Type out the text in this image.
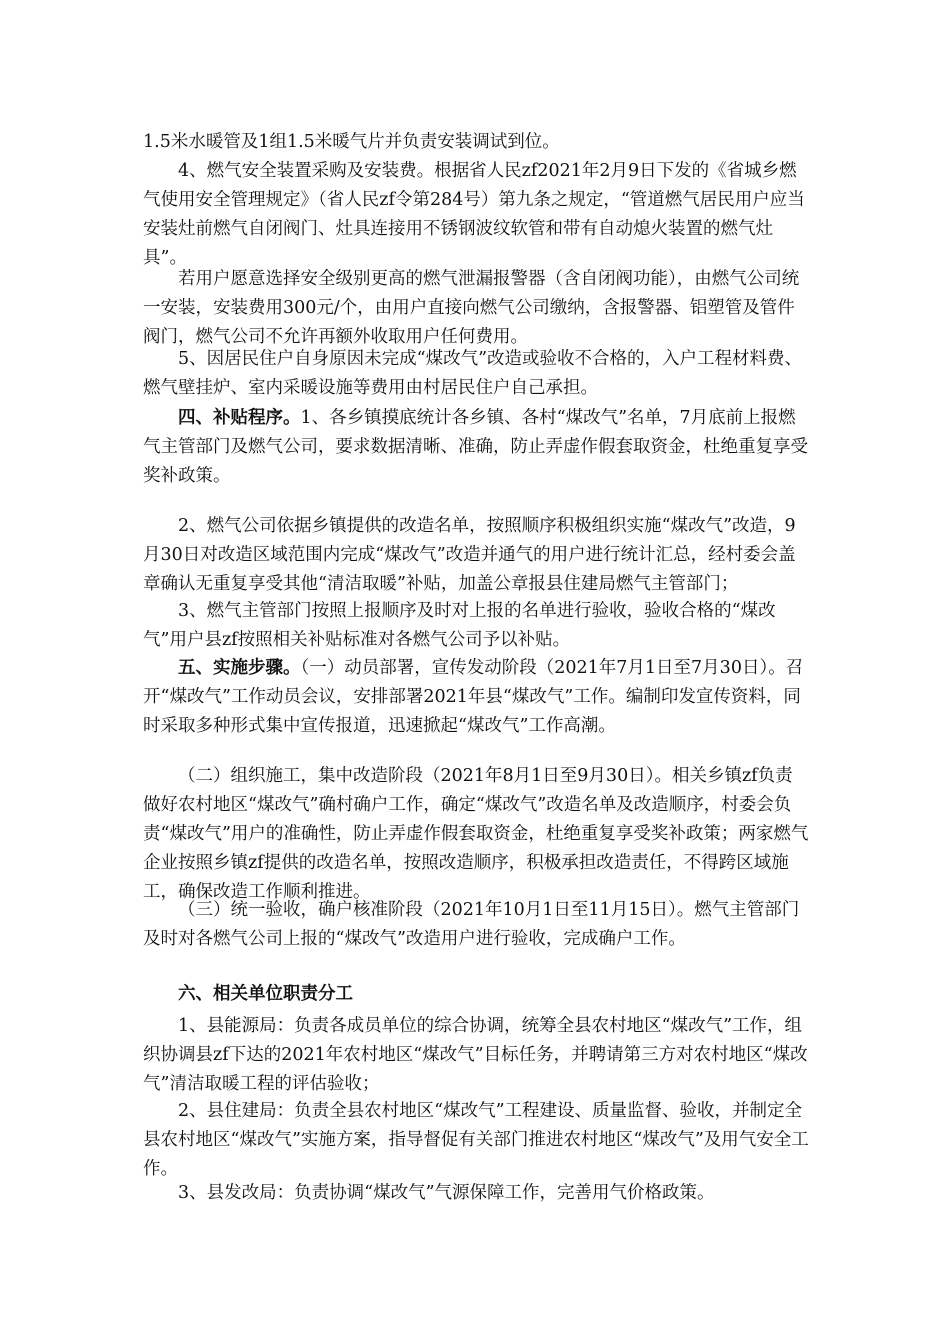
1.5米水暖管及1组1.5米暖气片并负责安装调试到位。

4、燃气安全装置采购及安装费。根据省人民zf2021年2月9日下发的《省城乡燃气使用安全管理规定》（省人民zf令第284号）第九条之规定，“管道燃气居民用户应当安装灶前燃气自闭阀门、灶具连接用不锈钢波纹软管和带有自动熄火装置的燃气灶具”。

若用户愿意选择安全级别更高的燃气泄漏报警器（含自闭阀功能），由燃气公司统一安装，安装费用300元/个，由用户直接向燃气公司缴纳，含报警器、铝塑管及管件阀门，燃气公司不允许再额外收取用户任何费用。

5、因居民住户自身原因未完成“煤改气”改造或验收不合格的，入户工程材料费、燃气壁挂炉、室内采暖设施等费用由村居民住户自己承担。

四、补贴程序。1、各乡镇摸底统计各乡镇、各村“煤改气”名单，7月底前上报燃气主管部门及燃气公司，要求数据清晰、准确，防止弄虚作假套取资金，杜绝重复享受奖补政策。

2、燃气公司依据乡镇提供的改造名单，按照顺序积极组织实施“煤改气”改造，9月30日对改造区域范围内完成“煤改气”改造并通气的用户进行统计汇总，经村委会盖章确认无重复享受其他“清洁取暖”补贴，加盖公章报县住建局燃气主管部门；

3、燃气主管部门按照上报顺序及时对上报的名单进行验收，验收合格的“煤改气”用户县zf按照相关补贴标准对各燃气公司予以补贴。

五、实施步骤。（一）动员部署，宣传发动阶段（2021年7月1日至7月30日）。召开“煤改气”工作动员会议，安排部署2021年县“煤改气”工作。编制印发宣传资料，同时采取多种形式集中宣传报道，迅速掀起“煤改气”工作高潮。

（二）组织施工，集中改造阶段（2021年8月1日至9月30日）。相关乡镇zf负责做好农村地区“煤改气”确村确户工作，确定“煤改气”改造名单及改造顺序，村委会负责“煤改气”用户的准确性，防止弄虚作假套取资金，杜绝重复享受奖补政策；两家燃气企业按照乡镇zf提供的改造名单，按照改造顺序，积极承担改造责任，不得跨区域施工，确保改造工作顺利推进。

（三）统一验收，确户核准阶段（2021年10月1日至11月15日）。燃气主管部门及时对各燃气公司上报的“煤改气”改造用户进行验收，完成确户工作。

六、相关单位职责分工

1、县能源局：负责各成员单位的综合协调，统筹全县农村地区“煤改气”工作，组织协调县zf下达的2021年农村地区“煤改气”目标任务，并聘请第三方对农村地区“煤改气”清洁取暖工程的评估验收；

2、县住建局：负责全县农村地区“煤改气”工程建设、质量监督、验收，并制定全县农村地区“煤改气”实施方案，指导督促有关部门推进农村地区“煤改气”及用气安全工作。

3、县发改局：负责协调“煤改气”气源保障工作，完善用气价格政策。
